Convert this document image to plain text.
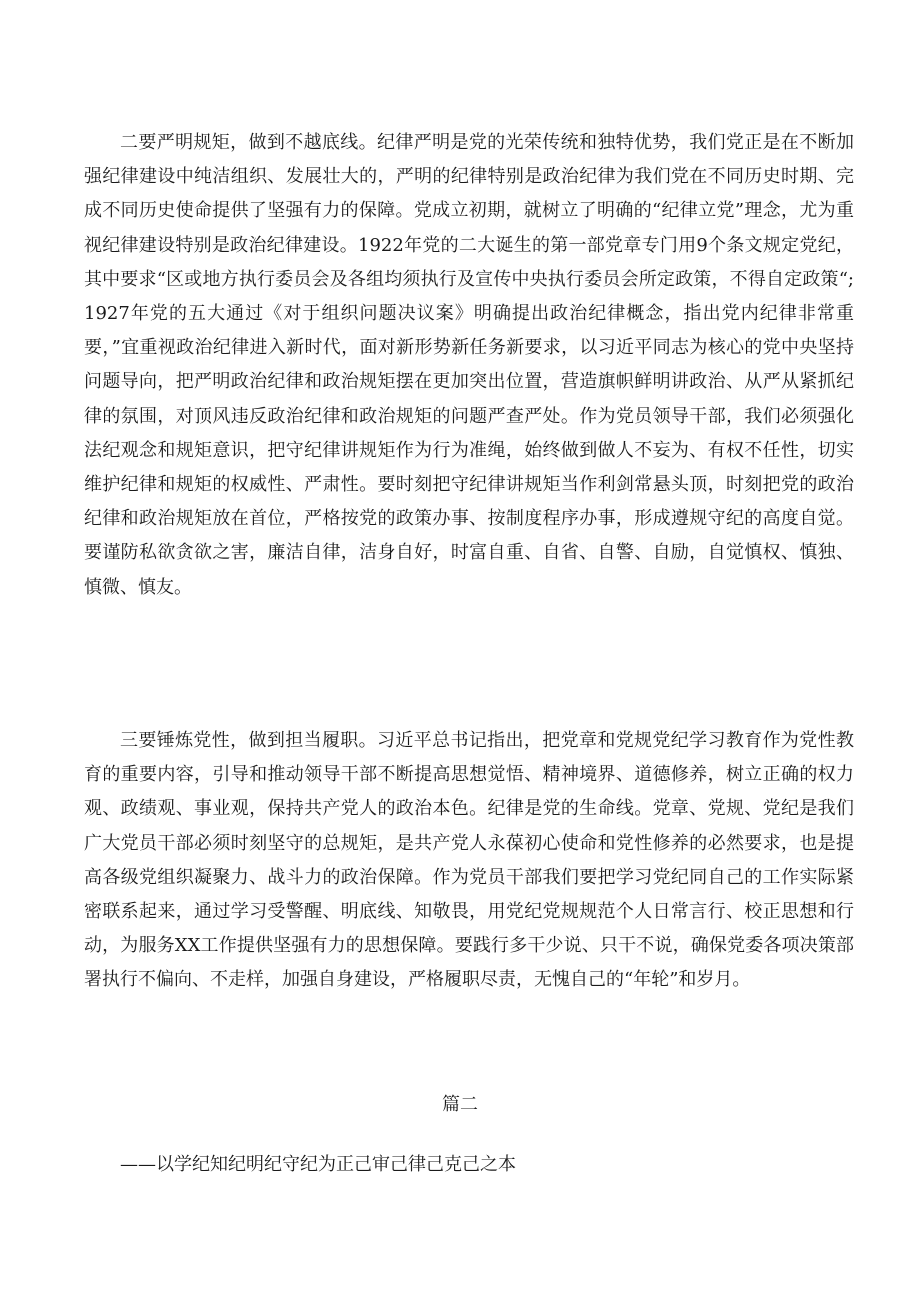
二要严明规矩，做到不越底线。纪律严明是党的光荣传统和独特优势，我们党正是在不断加强纪律建设中纯洁组织、发展壮大的，严明的纪律特别是政治纪律为我们党在不同历史时期、完成不同历史使命提供了坚强有力的保障。党成立初期，就树立了明确的“纪律立党”理念，尤为重视纪律建设特别是政治纪律建设。1922年党的二大诞生的第一部党章专门用9个条文规定党纪，其中要求“区或地方执行委员会及各组均须执行及宣传中央执行委员会所定政策，不得自定政策“;1927年党的五大通过《对于组织问题决议案》明确提出政治纪律概念，指出党内纪律非常重要，”宜重视政治纪律进入新时代，面对新形势新任务新要求，以习近平同志为核心的党中央坚持问题导向，把严明政治纪律和政治规矩摆在更加突出位置，营造旗帜鲜明讲政治、从严从紧抓纪律的氛围，对顶风违反政治纪律和政治规矩的问题严查严处。作为党员领导干部，我们必须强化法纪观念和规矩意识，把守纪律讲规矩作为行为准绳，始终做到做人不妄为、有权不任性，切实维护纪律和规矩的权威性、严肃性。要时刻把守纪律讲规矩当作利剑常悬头顶，时刻把党的政治纪律和政治规矩放在首位，严格按党的政策办事、按制度程序办事，形成遵规守纪的高度自觉。要谨防私欲贪欲之害，廉洁自律，洁身自好，时富自重、自省、自警、自励，自觉慎权、慎独、慎微、慎友。

三要锤炼党性，做到担当履职。习近平总书记指出，把党章和党规党纪学习教育作为党性教育的重要内容，引导和推动领导干部不断提高思想觉悟、精神境界、道德修养，树立正确的权力观、政绩观、事业观，保持共产党人的政治本色。纪律是党的生命线。党章、党规、党纪是我们广大党员干部必须时刻坚守的总规矩，是共产党人永葆初心使命和党性修养的必然要求，也是提高各级党组织凝聚力、战斗力的政治保障。作为党员干部我们要把学习党纪同自己的工作实际紧密联系起来，通过学习受警醒、明底线、知敬畏，用党纪党规规范个人日常言行、校正思想和行动，为服务XX工作提供坚强有力的思想保障。要践行多干少说、只干不说，确保党委各项决策部署执行不偏向、不走样，加强自身建设，严格履职尽责，无愧自己的“年轮”和岁月。

篇二

——以学纪知纪明纪守纪为正己审己律己克己之本
